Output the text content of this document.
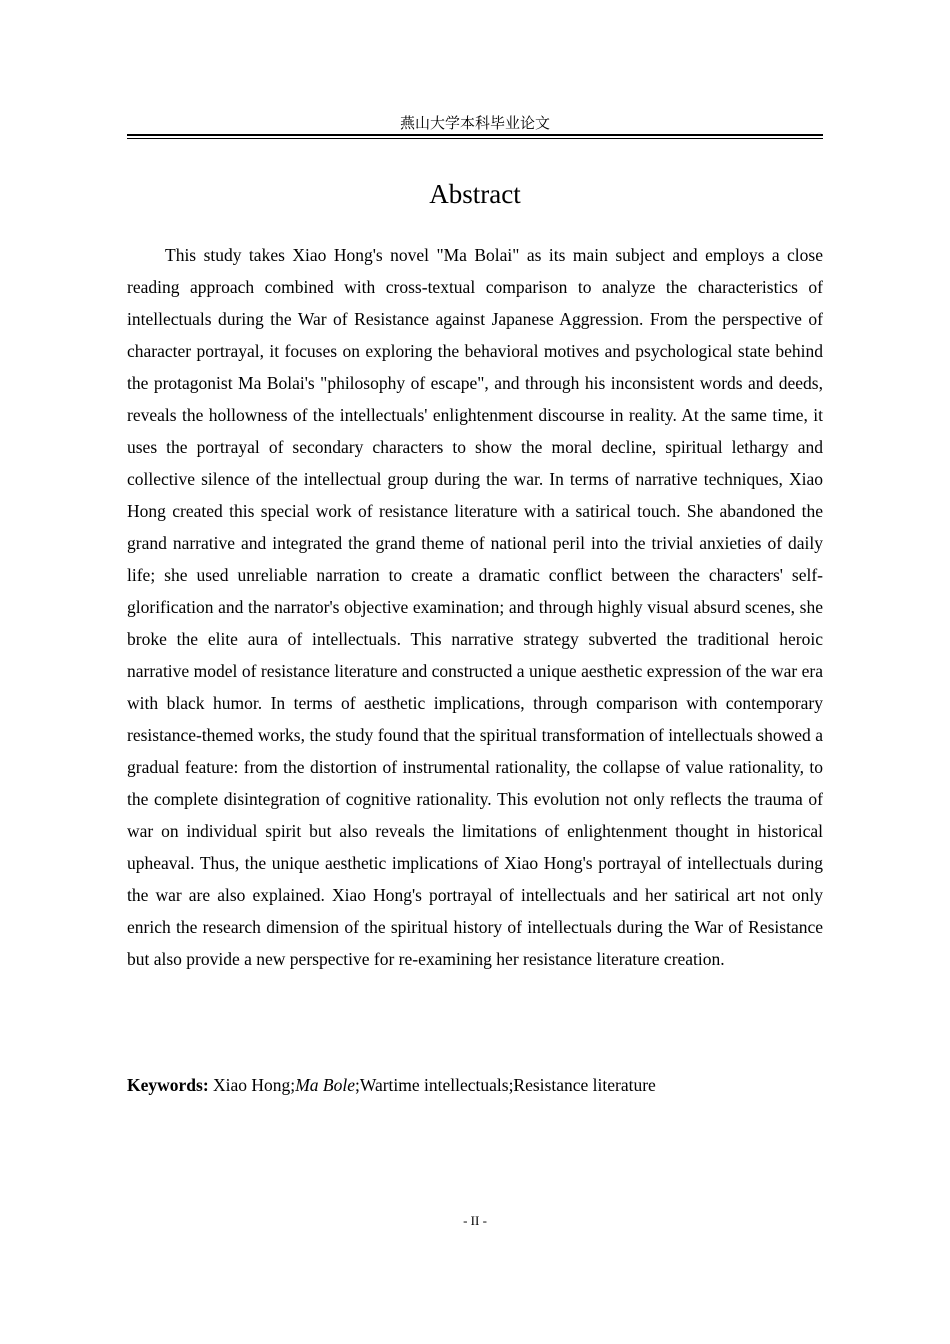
燕山大学本科毕业论文
Abstract

This study takes Xiao Hong's novel "Ma Bolai" as its main subject and employs a close reading approach combined with cross-textual comparison to analyze the characteristics of intellectuals during the War of Resistance against Japanese Aggression. From the perspective of character portrayal, it focuses on exploring the behavioral motives and psychological state behind the protagonist Ma Bolai's "philosophy of escape", and through his inconsistent words and deeds, reveals the hollowness of the intellectuals' enlightenment discourse in reality. At the same time, it uses the portrayal of secondary characters to show the moral decline, spiritual lethargy and collective silence of the intellectual group during the war. In terms of narrative techniques, Xiao Hong created this special work of resistance literature with a satirical touch. She abandoned the grand narrative and integrated the grand theme of national peril into the trivial anxieties of daily life; she used unreliable narration to create a dramatic conflict between the characters' self-glorification and the narrator's objective examination; and through highly visual absurd scenes, she broke the elite aura of intellectuals. This narrative strategy subverted the traditional heroic narrative model of resistance literature and constructed a unique aesthetic expression of the war era with black humor. In terms of aesthetic implications, through comparison with contemporary resistance-themed works, the study found that the spiritual transformation of intellectuals showed a gradual feature: from the distortion of instrumental rationality, the collapse of value rationality, to the complete disintegration of cognitive rationality. This evolution not only reflects the trauma of war on individual spirit but also reveals the limitations of enlightenment thought in historical upheaval. Thus, the unique aesthetic implications of Xiao Hong's portrayal of intellectuals during the war are also explained. Xiao Hong's portrayal of intellectuals and her satirical art not only enrich the research dimension of the spiritual history of intellectuals during the War of Resistance but also provide a new perspective for re-examining her resistance literature creation.

Keywords: Xiao Hong;Ma Bole;Wartime intellectuals;Resistance literature

- II -
